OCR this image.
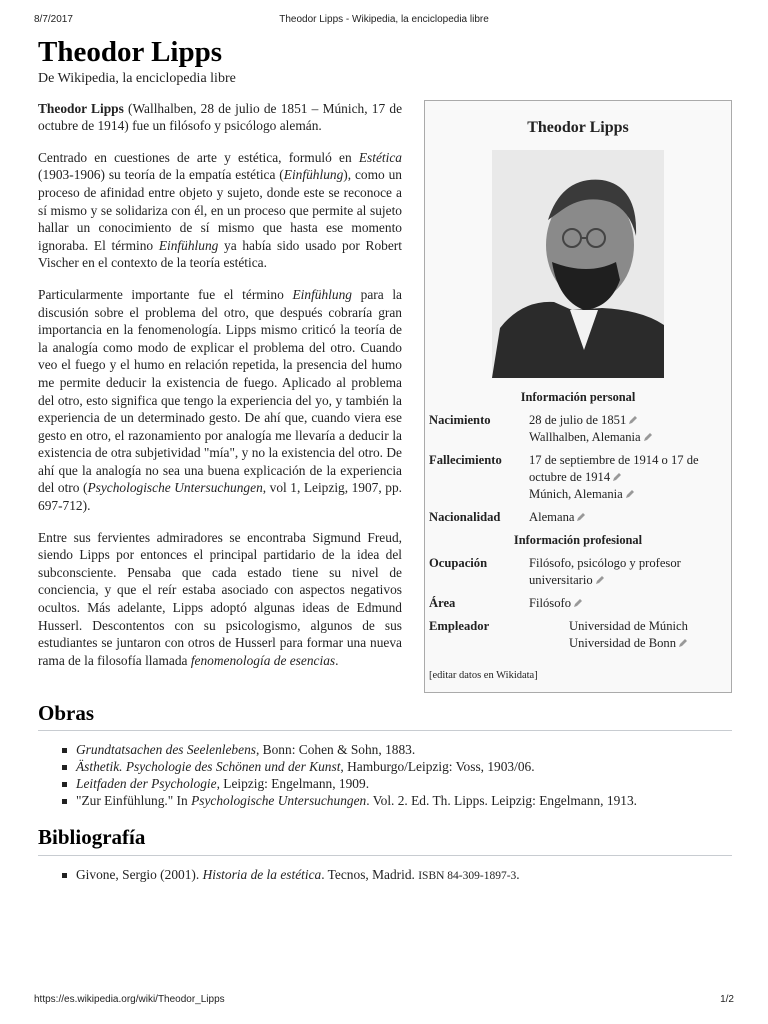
8/7/2017	Theodor Lipps - Wikipedia, la enciclopedia libre
Theodor Lipps
De Wikipedia, la enciclopedia libre
Theodor Lipps
Información personal
Nacimiento	28 de julio de 1851
Wallhalben, Alemania
Fallecimiento	17 de septiembre de 1914 o 17 de octubre de 1914
Múnich, Alemania
Nacionalidad	Alemana
Información profesional
Ocupación	Filósofo, psicólogo y profesor universitario
Área	Filósofo
Empleador	Universidad de Múnich
Universidad de Bonn
[editar datos en Wikidata]

Theodor Lipps (Wallhalben, 28 de julio de 1851 – Múnich, 17 de octubre de 1914) fue un filósofo y psicólogo alemán.

Centrado en cuestiones de arte y estética, formuló en Estética (1903-1906) su teoría de la empatía estética (Einfühlung), como un proceso de afinidad entre objeto y sujeto, donde este se reconoce a sí mismo y se solidariza con él, en un proceso que permite al sujeto hallar un conocimiento de sí mismo que hasta ese momento ignoraba. El término Einfühlung ya había sido usado por Robert Vischer en el contexto de la teoría estética.

Particularmente importante fue el término Einfühlung para la discusión sobre el problema del otro, que después cobraría gran importancia en la fenomenología. Lipps mismo criticó la teoría de la analogía como modo de explicar el problema del otro. Cuando veo el fuego y el humo en relación repetida, la presencia del humo me permite deducir la existencia de fuego. Aplicado al problema del otro, esto significa que tengo la experiencia del yo, y también la experiencia de un determinado gesto. De ahí que, cuando viera ese gesto en otro, el razonamiento por analogía me llevaría a deducir la existencia de otra subjetividad "mía", y no la existencia del otro. De ahí que la analogía no sea una buena explicación de la experiencia del otro (Psychologische Untersuchungen, vol 1, Leipzig, 1907, pp. 697-712).

Entre sus fervientes admiradores se encontraba Sigmund Freud, siendo Lipps por entonces el principal partidario de la idea del subconsciente. Pensaba que cada estado tiene su nivel de conciencia, y que el reír estaba asociado con aspectos negativos ocultos. Más adelante, Lipps adoptó algunas ideas de Edmund Husserl. Descontentos con su psicologismo, algunos de sus estudiantes se juntaron con otros de Husserl para formar una nueva rama de la filosofía llamada fenomenología de esencias.

Obras
Grundtatsachen des Seelenlebens, Bonn: Cohen & Sohn, 1883.
Ästhetik. Psychologie des Schönen und der Kunst, Hamburgo/Leipzig: Voss, 1903/06.
Leitfaden der Psychologie, Leipzig: Engelmann, 1909.
"Zur Einfühlung." In Psychologische Untersuchungen. Vol. 2. Ed. Th. Lipps. Leipzig: Engelmann, 1913.
Bibliografía
Givone, Sergio (2001). Historia de la estética. Tecnos, Madrid. ISBN 84-309-1897-3.
https://es.wikipedia.org/wiki/Theodor_Lipps	1/2
